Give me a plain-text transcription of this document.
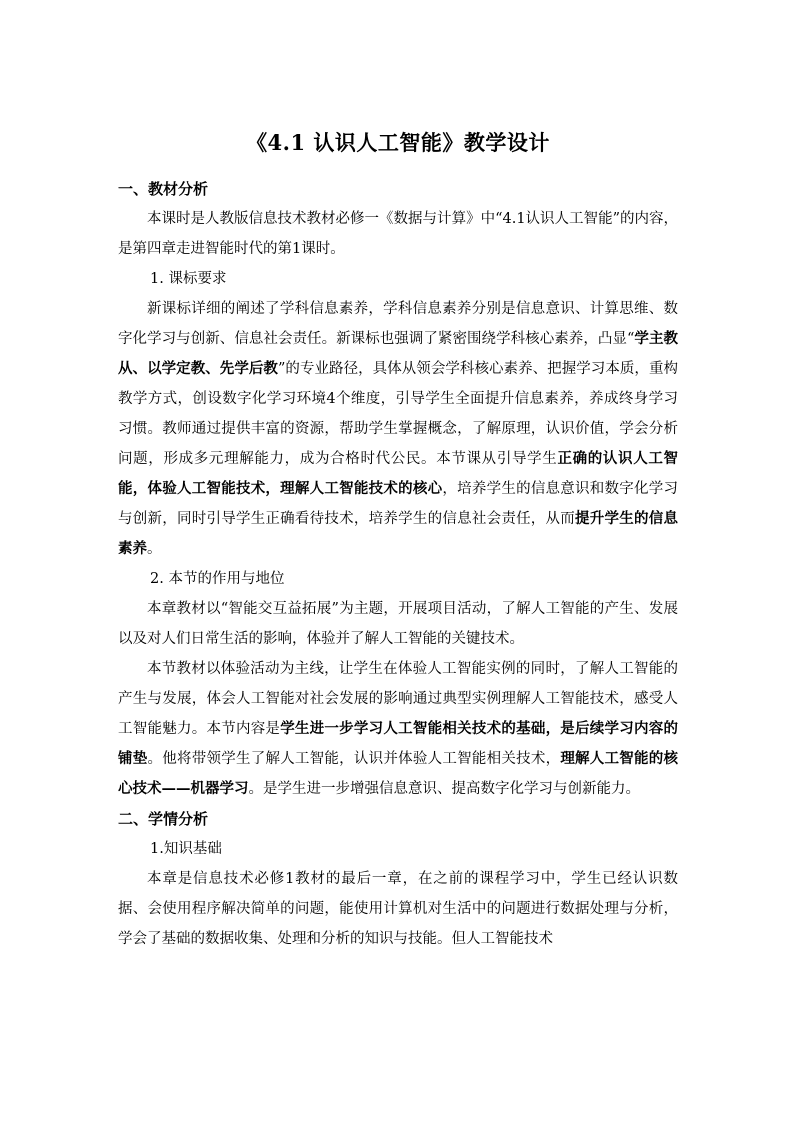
《4.1 认识人工智能》教学设计
一、教材分析

本课时是人教版信息技术教材必修一《数据与计算》中“4.1认识人工智能”的内容，是第四章走进智能时代的第1课时。

1. 课标要求

新课标详细的阐述了学科信息素养，学科信息素养分别是信息意识、计算思维、数字化学习与创新、信息社会责任。新课标也强调了紧密围绕学科核心素养，凸显“学主教从、以学定教、先学后教”的专业路径，具体从领会学科核心素养、把握学习本质，重构教学方式，创设数字化学习环境4个维度，引导学生全面提升信息素养，养成终身学习习惯。教师通过提供丰富的资源，帮助学生掌握概念，了解原理，认识价值，学会分析问题，形成多元理解能力，成为合格时代公民。本节课从引导学生正确的认识人工智能，体验人工智能技术，理解人工智能技术的核心，培养学生的信息意识和数字化学习与创新，同时引导学生正确看待技术，培养学生的信息社会责任，从而提升学生的信息素养。

2. 本节的作用与地位

本章教材以“智能交互益拓展”为主题，开展项目活动，了解人工智能的产生、发展以及对人们日常生活的影响，体验并了解人工智能的关键技术。

本节教材以体验活动为主线，让学生在体验人工智能实例的同时，了解人工智能的产生与发展，体会人工智能对社会发展的影响通过典型实例理解人工智能技术，感受人工智能魅力。本节内容是学生进一步学习人工智能相关技术的基础，是后续学习内容的铺垫。他将带领学生了解人工智能，认识并体验人工智能相关技术，理解人工智能的核心技术——机器学习。是学生进一步增强信息意识、提高数字化学习与创新能力。

二、学情分析
1.知识基础

本章是信息技术必修1教材的最后一章，在之前的课程学习中，学生已经认识数据、会使用程序解决简单的问题，能使用计算机对生活中的问题进行数据处理与分析，学会了基础的数据收集、处理和分析的知识与技能。但人工智能技术
